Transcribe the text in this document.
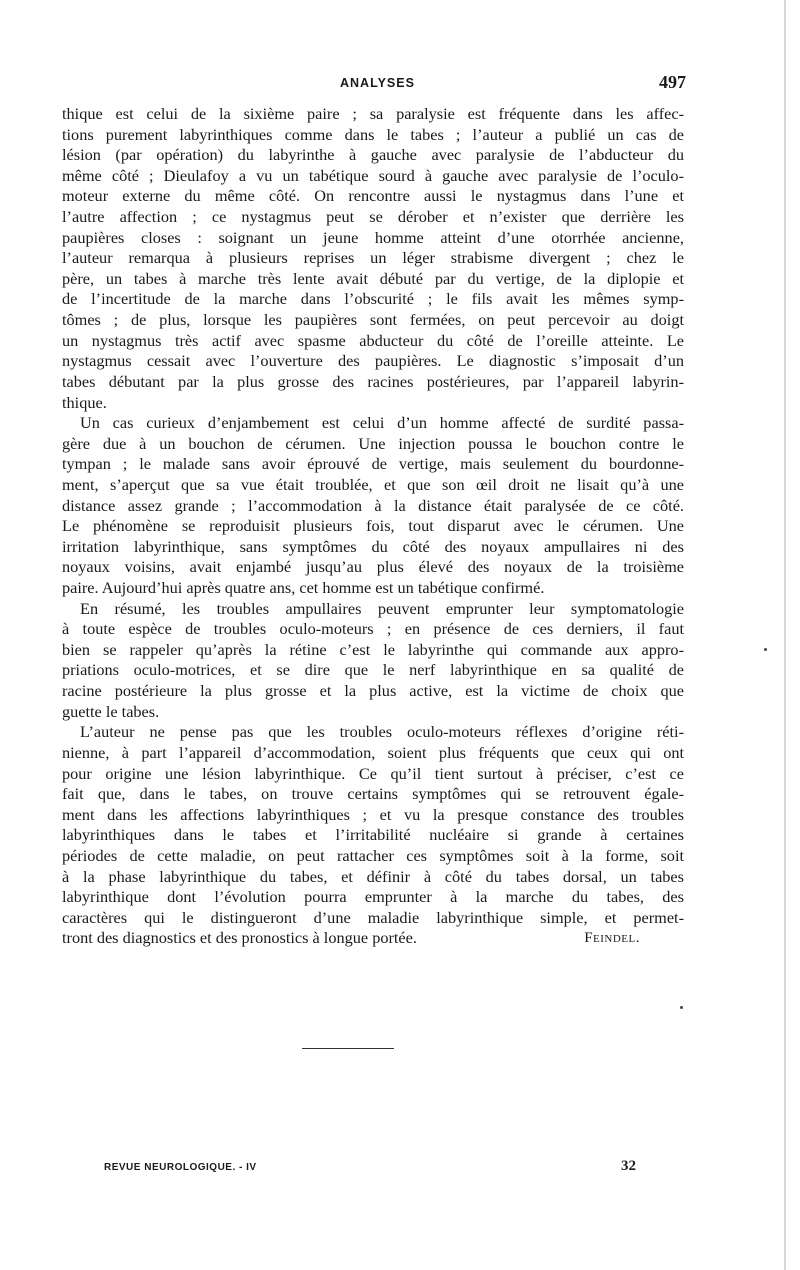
ANALYSES	497
thique est celui de la sixième paire ; sa paralysie est fréquente dans les affec-
tions purement labyrinthiques comme dans le tabes ; l’auteur a publié un cas de
lésion (par opération) du labyrinthe à gauche avec paralysie de l’abducteur du
même côté ; Dieulafoy a vu un tabétique sourd à gauche avec paralysie de l’oculo-
moteur externe du même côté. On rencontre aussi le nystagmus dans l’une et
l’autre affection ; ce nystagmus peut se dérober et n’exister que derrière les
paupières closes : soignant un jeune homme atteint d’une otorrhée ancienne,
l’auteur remarqua à plusieurs reprises un léger strabisme divergent ; chez le
père, un tabes à marche très lente avait débuté par du vertige, de la diplopie et
de l’incertitude de la marche dans l’obscurité ; le fils avait les mêmes symp-
tômes ; de plus, lorsque les paupières sont fermées, on peut percevoir au doigt
un nystagmus très actif avec spasme abducteur du côté de l’oreille atteinte. Le
nystagmus cessait avec l’ouverture des paupières. Le diagnostic s’imposait d’un
tabes débutant par la plus grosse des racines postérieures, par l’appareil labyrin-
thique.
Un cas curieux d’enjambement est celui d’un homme affecté de surdité passa-
gère due à un bouchon de cérumen. Une injection poussa le bouchon contre le
tympan ; le malade sans avoir éprouvé de vertige, mais seulement du bourdonne-
ment, s’aperçut que sa vue était troublée, et que son œil droit ne lisait qu’à une
distance assez grande ; l’accommodation à la distance était paralysée de ce côté.
Le phénomène se reproduisit plusieurs fois, tout disparut avec le cérumen. Une
irritation labyrinthique, sans symptômes du côté des noyaux ampullaires ni des
noyaux voisins, avait enjambé jusqu’au plus élevé des noyaux de la troisième
paire. Aujourd’hui après quatre ans, cet homme est un tabétique confirmé.
En résumé, les troubles ampullaires peuvent emprunter leur symptomatologie
à toute espèce de troubles oculo-moteurs ; en présence de ces derniers, il faut
bien se rappeler qu’après la rétine c’est le labyrinthe qui commande aux appro-
priations oculo-motrices, et se dire que le nerf labyrinthique en sa qualité de
racine postérieure la plus grosse et la plus active, est la victime de choix que
guette le tabes.
L’auteur ne pense pas que les troubles oculo-moteurs réflexes d’origine réti-
nienne, à part l’appareil d’accommodation, soient plus fréquents que ceux qui ont
pour origine une lésion labyrinthique. Ce qu’il tient surtout à préciser, c’est ce
fait que, dans le tabes, on trouve certains symptômes qui se retrouvent égale-
ment dans les affections labyrinthiques ; et vu la presque constance des troubles
labyrinthiques dans le tabes et l’irritabilité nucléaire si grande à certaines
périodes de cette maladie, on peut rattacher ces symptômes soit à la forme, soit
à la phase labyrinthique du tabes, et définir à côté du tabes dorsal, un tabes
labyrinthique dont l’évolution pourra emprunter à la marche du tabes, des
caractères qui le distingueront d’une maladie labyrinthique simple, et permet-
tront des diagnostics et des pronostics à longue portée.	Feindel.
REVUE NEUROLOGIQUE. - IV	32
